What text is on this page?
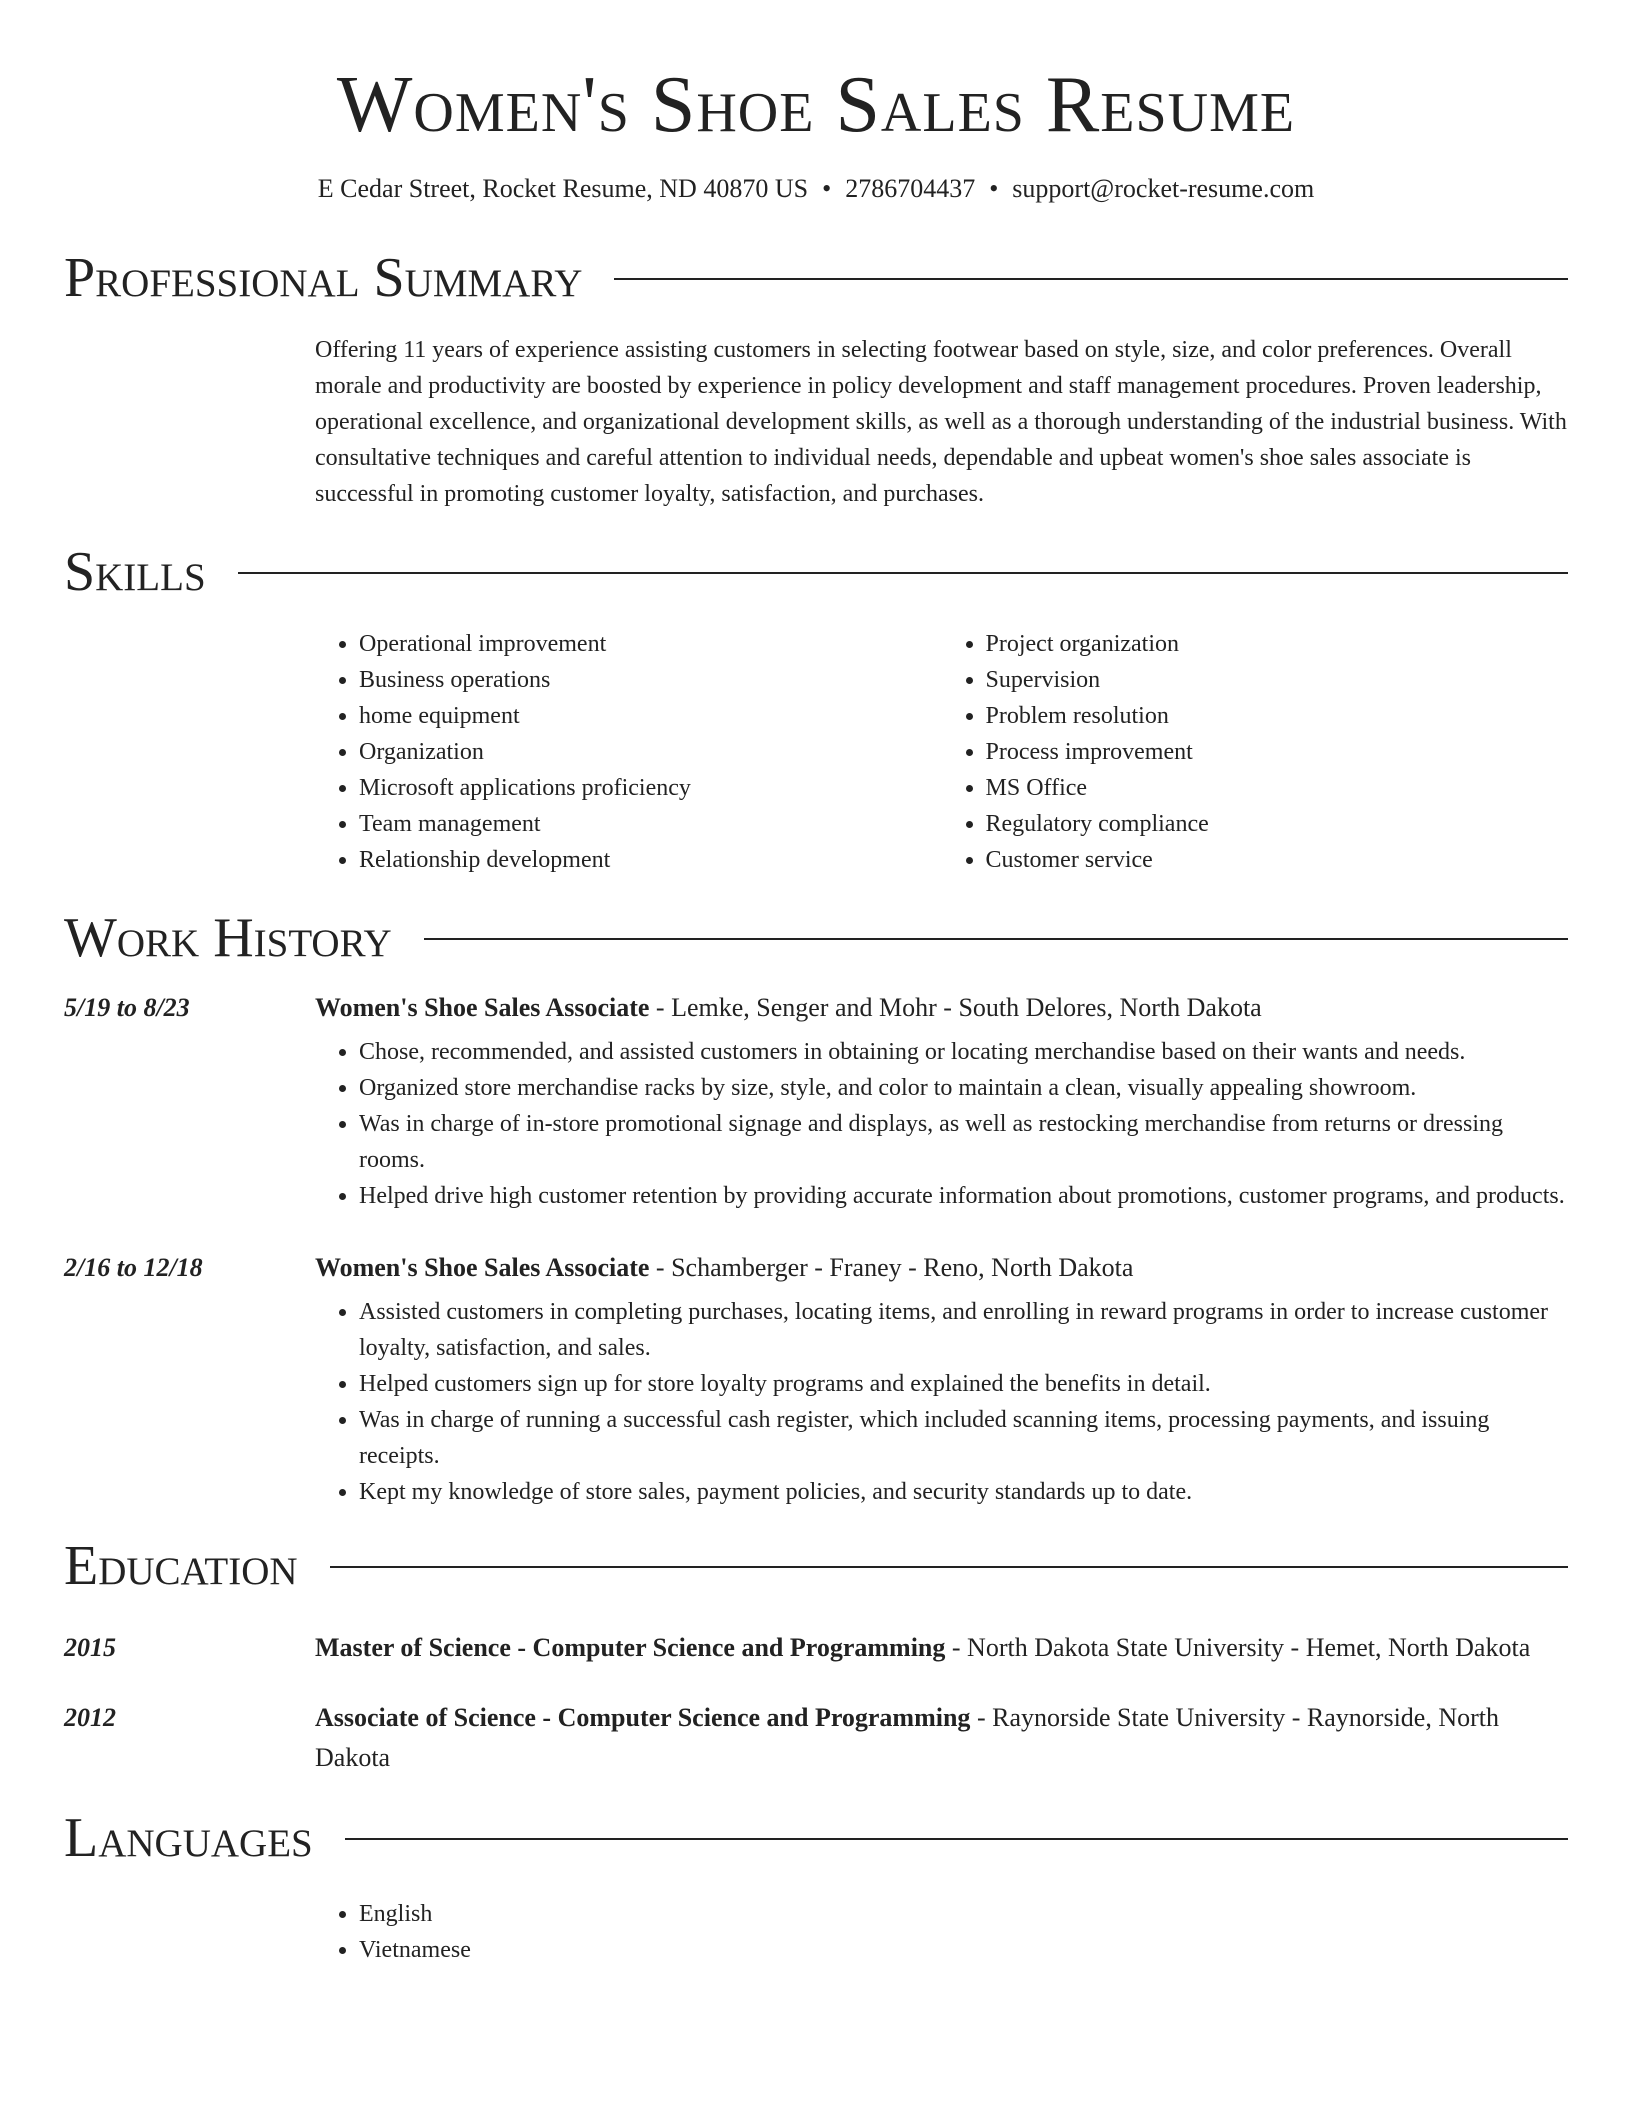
Women's Shoe Sales Resume
E Cedar Street, Rocket Resume, ND 40870 US • 2786704437 • support@rocket-resume.com
Professional Summary
Offering 11 years of experience assisting customers in selecting footwear based on style, size, and color preferences. Overall morale and productivity are boosted by experience in policy development and staff management procedures. Proven leadership, operational excellence, and organizational development skills, as well as a thorough understanding of the industrial business. With consultative techniques and careful attention to individual needs, dependable and upbeat women's shoe sales associate is successful in promoting customer loyalty, satisfaction, and purchases.
Skills
• Operational improvement
• Business operations
• home equipment
• Organization
• Microsoft applications proficiency
• Team management
• Relationship development
• Project organization
• Supervision
• Problem resolution
• Process improvement
• MS Office
• Regulatory compliance
• Customer service
Work History
5/19 to 8/23	Women's Shoe Sales Associate - Lemke, Senger and Mohr - South Delores, North Dakota
• Chose, recommended, and assisted customers in obtaining or locating merchandise based on their wants and needs.
• Organized store merchandise racks by size, style, and color to maintain a clean, visually appealing showroom.
• Was in charge of in-store promotional signage and displays, as well as restocking merchandise from returns or dressing rooms.
• Helped drive high customer retention by providing accurate information about promotions, customer programs, and products.
2/16 to 12/18	Women's Shoe Sales Associate - Schamberger - Franey - Reno, North Dakota
• Assisted customers in completing purchases, locating items, and enrolling in reward programs in order to increase customer loyalty, satisfaction, and sales.
• Helped customers sign up for store loyalty programs and explained the benefits in detail.
• Was in charge of running a successful cash register, which included scanning items, processing payments, and issuing receipts.
• Kept my knowledge of store sales, payment policies, and security standards up to date.
Education
2015	Master of Science - Computer Science and Programming - North Dakota State University - Hemet, North Dakota
2012	Associate of Science - Computer Science and Programming - Raynorside State University - Raynorside, North Dakota
Languages
• English
• Vietnamese
